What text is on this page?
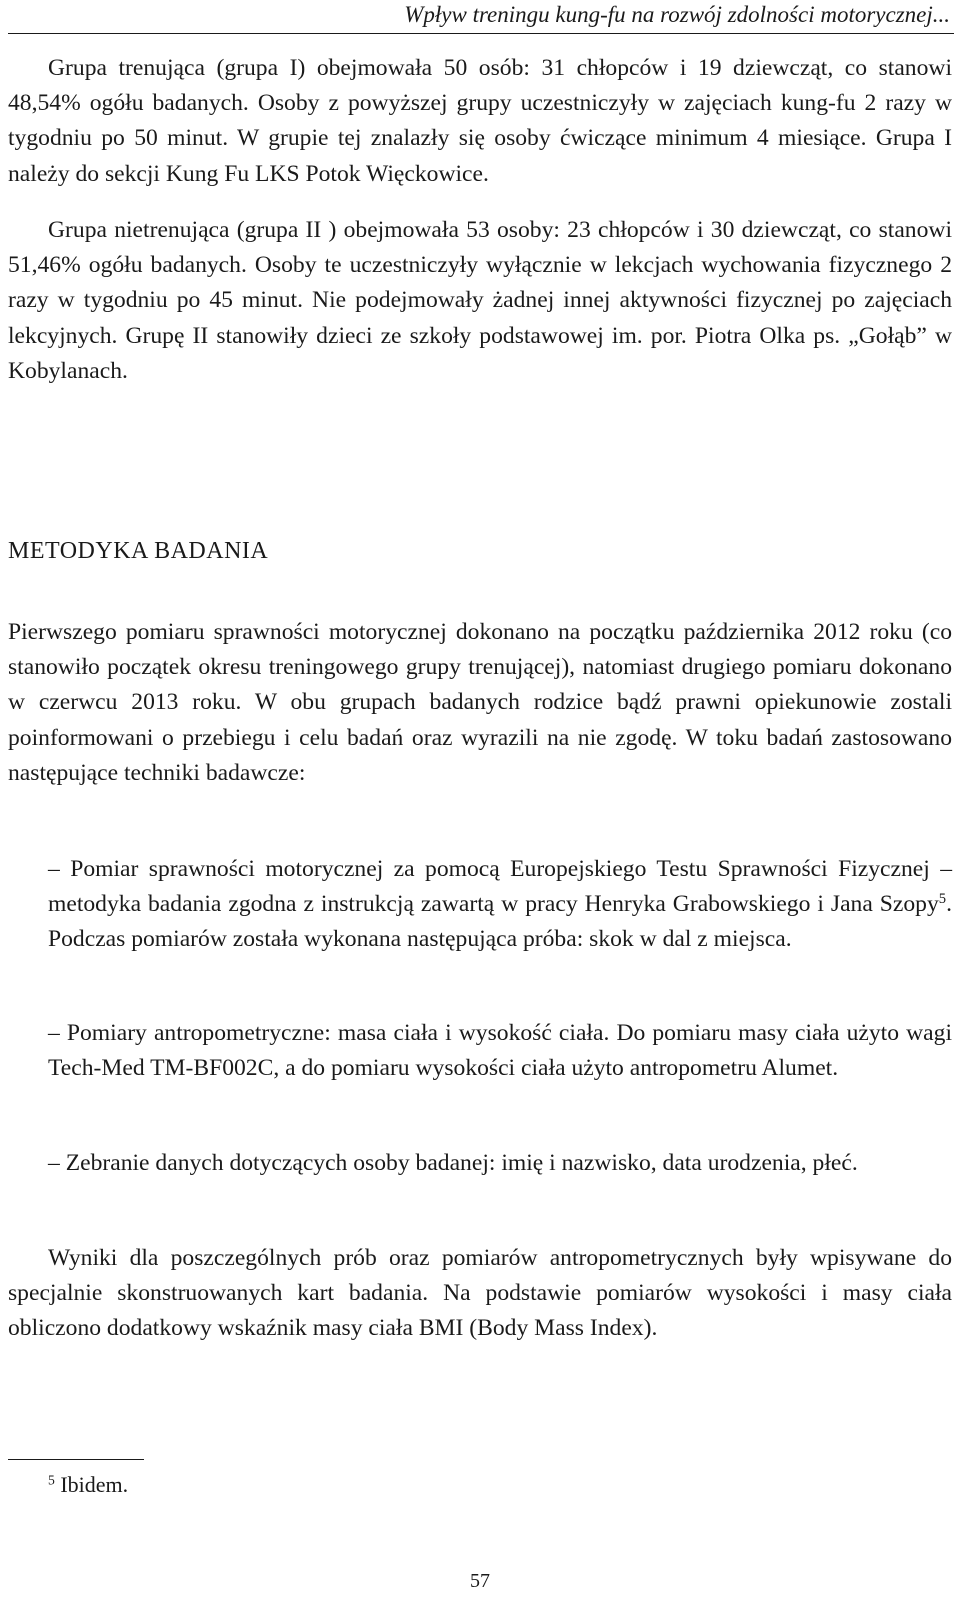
Wpływ treningu kung-fu na rozwój zdolności motorycznej...

Grupa trenująca (grupa I) obejmowała 50 osób: 31 chłopców i 19 dziewcząt, co stanowi 48,54% ogółu badanych. Osoby z powyższej grupy uczestniczyły w zajęciach kung-fu 2 razy w tygodniu po 50 minut. W grupie tej znalazły się osoby ćwiczące minimum 4 miesiące. Grupa I należy do sekcji Kung Fu LKS Potok Więckowice.

Grupa nietrenująca (grupa II ) obejmowała 53 osoby: 23 chłopców i 30 dziewcząt, co stanowi 51,46% ogółu badanych. Osoby te uczestniczyły wyłącznie w lekcjach wychowania fizycznego 2 razy w tygodniu po 45 minut. Nie podejmowały żadnej innej aktywności fizycznej po zajęciach lekcyjnych. Grupę II stanowiły dzieci ze szkoły podstawowej im. por. Piotra Olka ps. „Gołąb” w Kobylanach.

METODYKA BADANIA

Pierwszego pomiaru sprawności motorycznej dokonano na początku października 2012 roku (co stanowiło początek okresu treningowego grupy trenującej), natomiast drugiego pomiaru dokonano w czerwcu 2013 roku. W obu grupach badanych rodzice bądź prawni opiekunowie zostali poinformowani o przebiegu i celu badań oraz wyrazili na nie zgodę. W toku badań zastosowano następujące techniki badawcze:

– Pomiar sprawności motorycznej za pomocą Europejskiego Testu Sprawności Fizycznej – metodyka badania zgodna z instrukcją zawartą w pracy Henryka Grabowskiego i Jana Szopy$^5$. Podczas pomiarów została wykonana następująca próba: skok w dal z miejsca.

– Pomiary antropometryczne: masa ciała i wysokość ciała. Do pomiaru masy ciała użyto wagi Tech-Med TM-BF002C, a do pomiaru wysokości ciała użyto antropometru Alumet.

– Zebranie danych dotyczących osoby badanej: imię i nazwisko, data urodzenia, płeć.

Wyniki dla poszczególnych prób oraz pomiarów antropometrycznych były wpisywane do specjalnie skonstruowanych kart badania. Na podstawie pomiarów wysokości i masy ciała obliczono dodatkowy wskaźnik masy ciała BMI (Body Mass Index).

$^5$ Ibidem.

57
